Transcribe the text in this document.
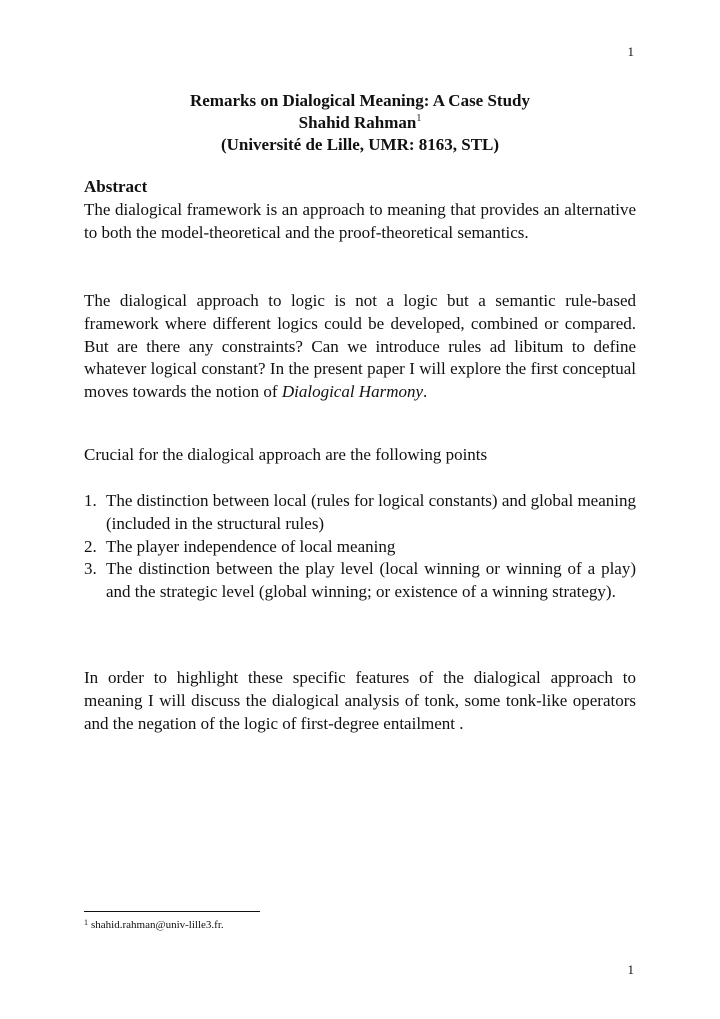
1
Remarks on Dialogical Meaning: A Case Study
Shahid Rahman$^1$
(Université de Lille, UMR: 8163, STL)
Abstract
The dialogical framework is an approach to meaning that provides an alternative to both the model-theoretical and the proof-theoretical semantics.
The dialogical approach to logic is not a logic but a semantic rule-based framework where different logics could be developed, combined or compared. But are there any constraints? Can we introduce rules ad libitum to define whatever logical constant? In the present paper I will explore the first conceptual moves towards the notion of Dialogical Harmony.
Crucial for the dialogical approach are the following points
1. The distinction between local (rules for logical constants) and global meaning (included in the structural rules)
2. The player independence of local meaning
3. The distinction between the play level (local winning or winning of a play) and the strategic level (global winning; or existence of a winning strategy).
In order to highlight these specific features of the dialogical approach to meaning I will discuss the dialogical analysis of tonk, some tonk-like operators and the negation of the logic of first-degree entailment .
$^1$ shahid.rahman@univ-lille3.fr.
1
